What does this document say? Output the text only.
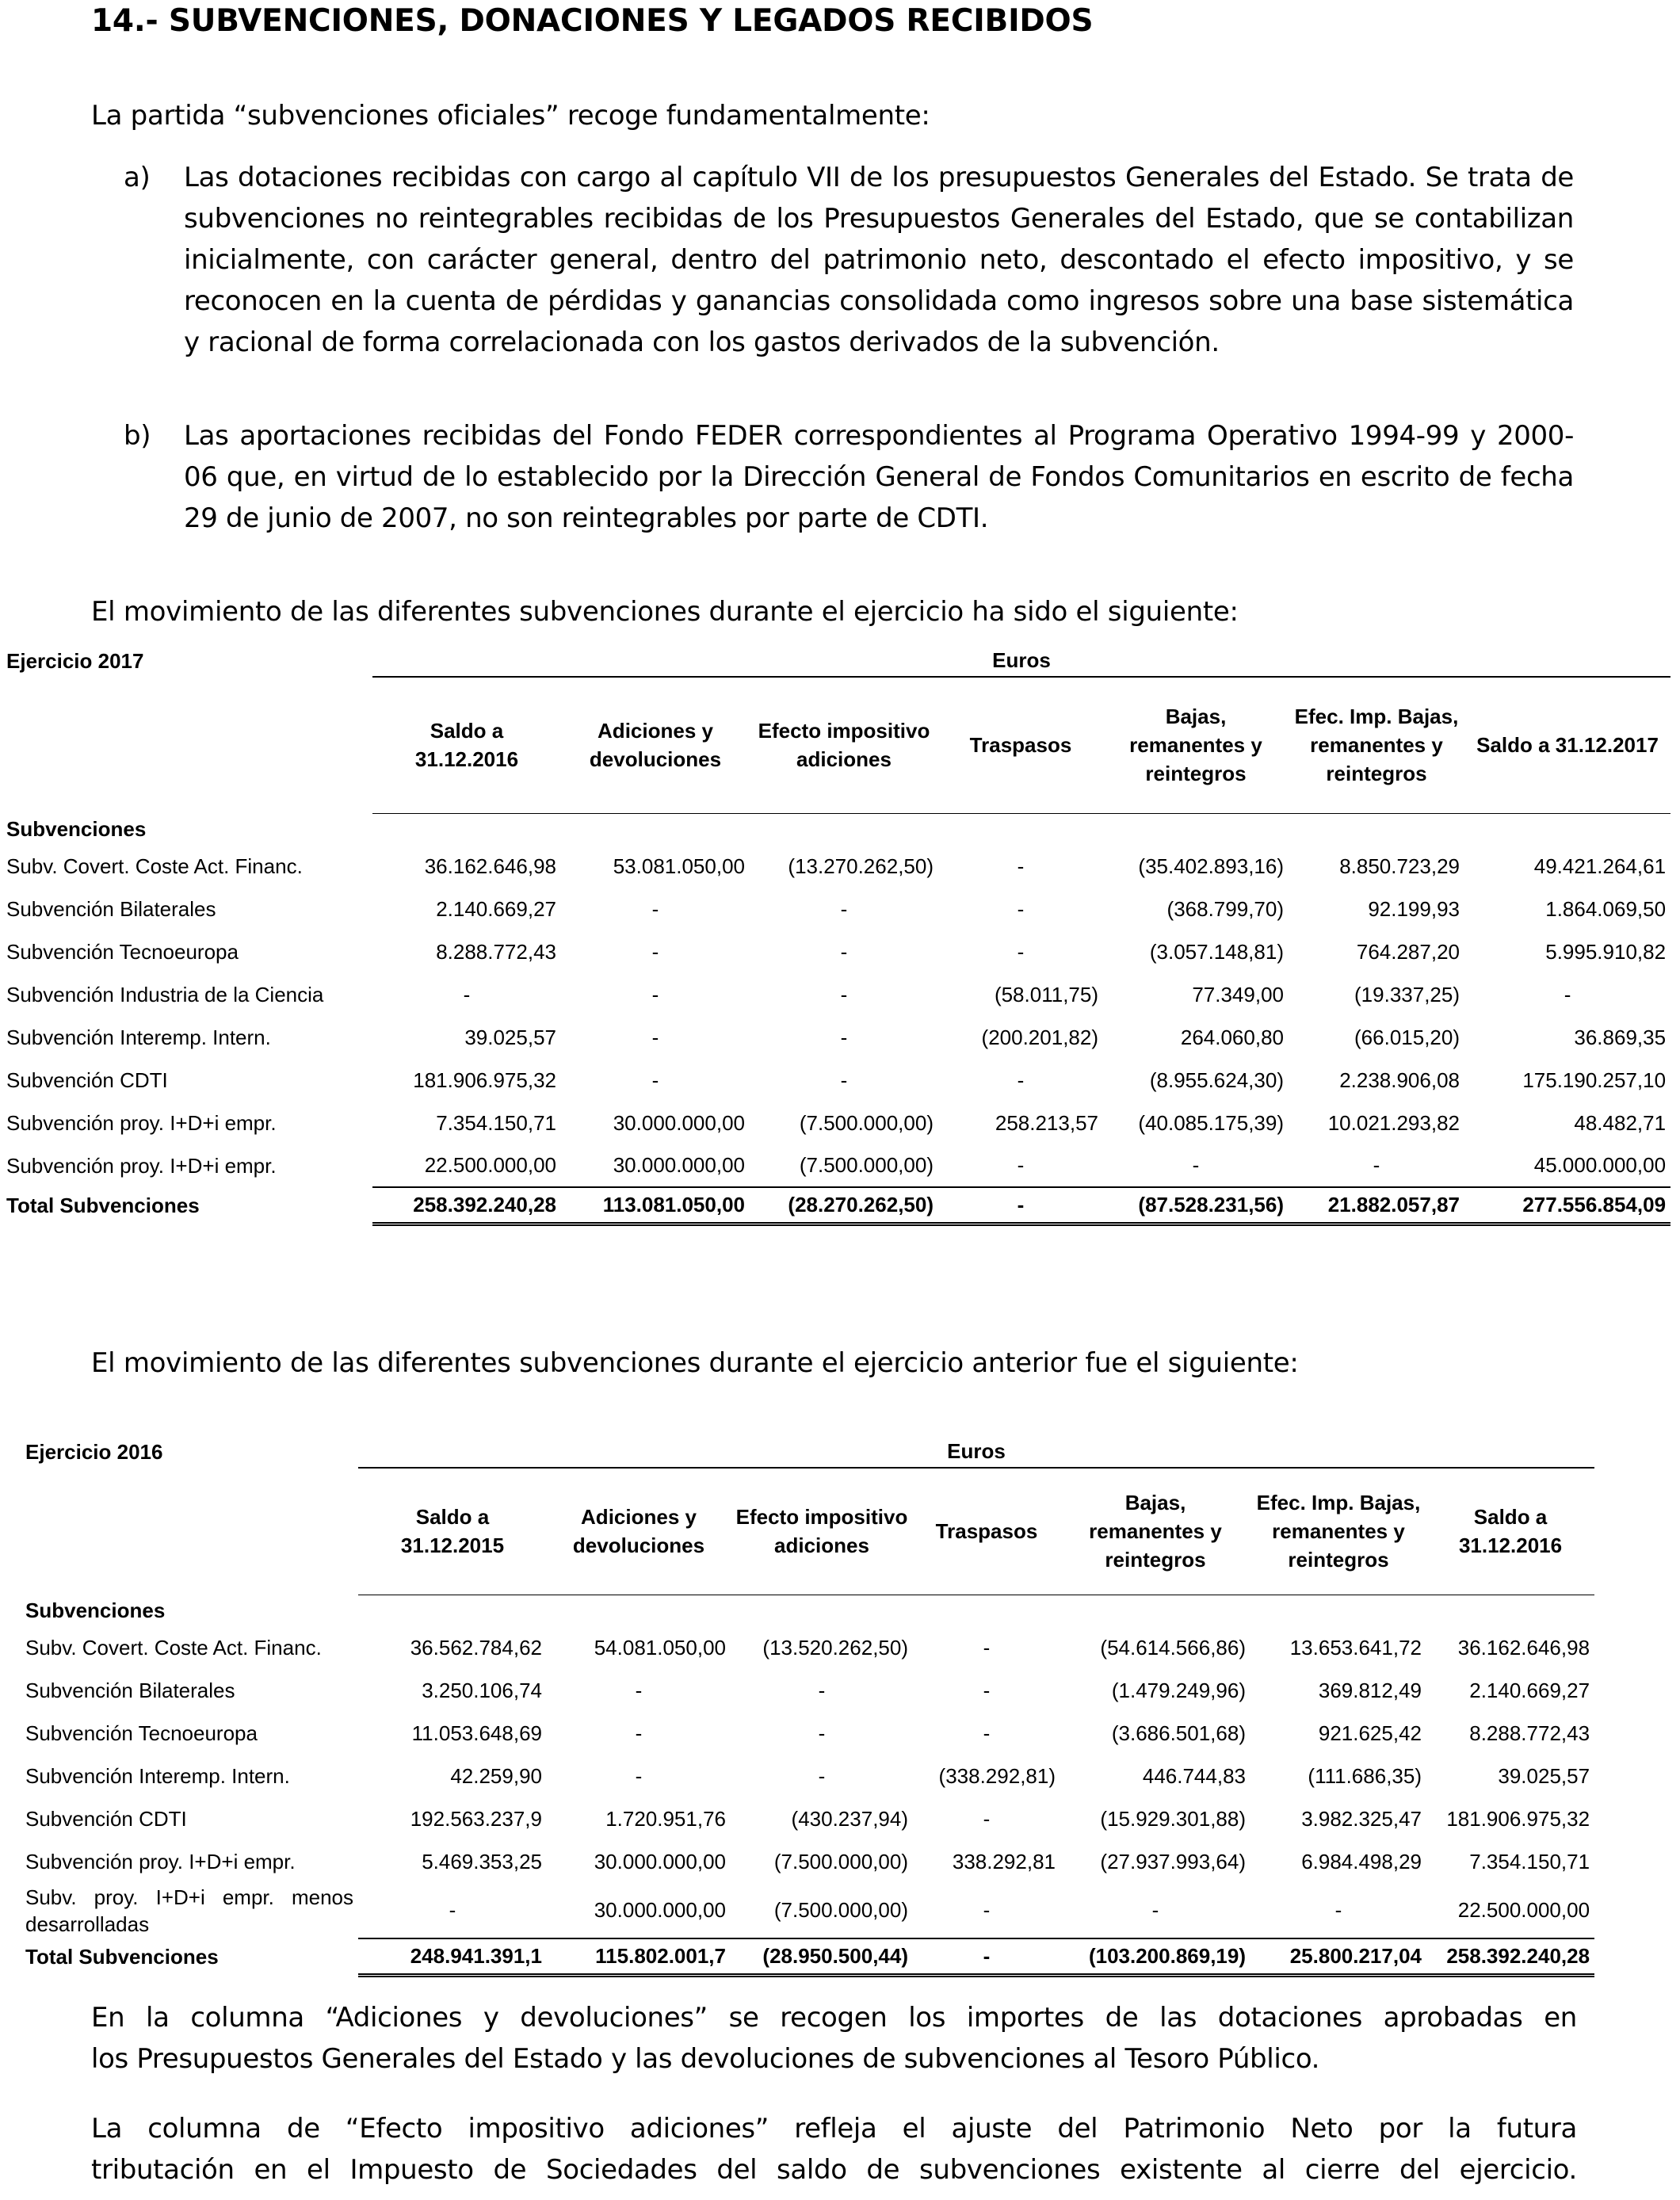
14.- SUBVENCIONES, DONACIONES Y LEGADOS RECIBIDOS
La partida “subvenciones oficiales” recoge fundamentalmente:
a) Las dotaciones recibidas con cargo al capítulo VII de los presupuestos Generales del Estado. Se trata de
subvenciones no reintegrables recibidas de los Presupuestos Generales del Estado, que se contabilizan
inicialmente, con carácter general, dentro del patrimonio neto, descontado el efecto impositivo, y se
reconocen en la cuenta de pérdidas y ganancias consolidada como ingresos sobre una base sistemática
y racional de forma correlacionada con los gastos derivados de la subvención.
b) Las aportaciones recibidas del Fondo FEDER correspondientes al Programa Operativo 1994-99 y 2000-
06 que, en virtud de lo establecido por la Dirección General de Fondos Comunitarios en escrito de fecha
29 de junio de 2007, no son reintegrables por parte de CDTI.
El movimiento de las diferentes subvenciones durante el ejercicio ha sido el siguiente:
Ejercicio 2017	Euros						
	Saldo a 31.12.2016	Adiciones y devoluciones	Efecto impositivo adiciones	Traspasos	Bajas, remanentes y reintegros	Efec. Imp. Bajas, remanentes y reintegros	Saldo a 31.12.2017
Subvenciones							
Subv. Covert. Coste Act. Financ.	36.162.646,98	53.081.050,00	(13.270.262,50)	-	(35.402.893,16)	8.850.723,29	49.421.264,61
Subvención Bilaterales	2.140.669,27	-	-	-	(368.799,70)	92.199,93	1.864.069,50
Subvención Tecnoeuropa	8.288.772,43	-	-	-	(3.057.148,81)	764.287,20	5.995.910,82
Subvención Industria de la Ciencia	-	-	-	(58.011,75)	77.349,00	(19.337,25)	-
Subvención Interemp. Intern.	39.025,57	-	-	(200.201,82)	264.060,80	(66.015,20)	36.869,35
Subvención CDTI	181.906.975,32	-	-	-	(8.955.624,30)	2.238.906,08	175.190.257,10
Subvención proy. I+D+i empr.	7.354.150,71	30.000.000,00	(7.500.000,00)	258.213,57	(40.085.175,39)	10.021.293,82	48.482,71
Subvención proy. I+D+i empr.	22.500.000,00	30.000.000,00	(7.500.000,00)	-	-	-	45.000.000,00
Total Subvenciones	258.392.240,28	113.081.050,00	(28.270.262,50)	-	(87.528.231,56)	21.882.057,87	277.556.854,09
El movimiento de las diferentes subvenciones durante el ejercicio anterior fue el siguiente:
Ejercicio 2016	Euros						
	Saldo a 31.12.2015	Adiciones y devoluciones	Efecto impositivo adiciones	Traspasos	Bajas, remanentes y reintegros	Efec. Imp. Bajas, remanentes y reintegros	Saldo a 31.12.2016
Subvenciones							
Subv. Covert. Coste Act. Financ.	36.562.784,62	54.081.050,00	(13.520.262,50)	-	(54.614.566,86)	13.653.641,72	36.162.646,98
Subvención Bilaterales	3.250.106,74	-	-	-	(1.479.249,96)	369.812,49	2.140.669,27
Subvención Tecnoeuropa	11.053.648,69	-	-	-	(3.686.501,68)	921.625,42	8.288.772,43
Subvención Interemp. Intern.	42.259,90	-	-	(338.292,81)	446.744,83	(111.686,35)	39.025,57
Subvención CDTI	192.563.237,9	1.720.951,76	(430.237,94)	-	(15.929.301,88)	3.982.325,47	181.906.975,32
Subvención proy. I+D+i empr.	5.469.353,25	30.000.000,00	(7.500.000,00)	338.292,81	(27.937.993,64)	6.984.498,29	7.354.150,71
Subv. proy. I+D+i empr. menos desarrolladas	-	30.000.000,00	(7.500.000,00)	-	-	-	22.500.000,00
Total Subvenciones	248.941.391,1	115.802.001,7	(28.950.500,44)	-	(103.200.869,19)	25.800.217,04	258.392.240,28
En la columna “Adiciones y devoluciones” se recogen los importes de las dotaciones aprobadas en
los Presupuestos Generales del Estado y las devoluciones de subvenciones al Tesoro Público.
La columna de “Efecto impositivo adiciones” refleja el ajuste del Patrimonio Neto por la futura
tributación en el Impuesto de Sociedades del saldo de subvenciones existente al cierre del ejercicio.
